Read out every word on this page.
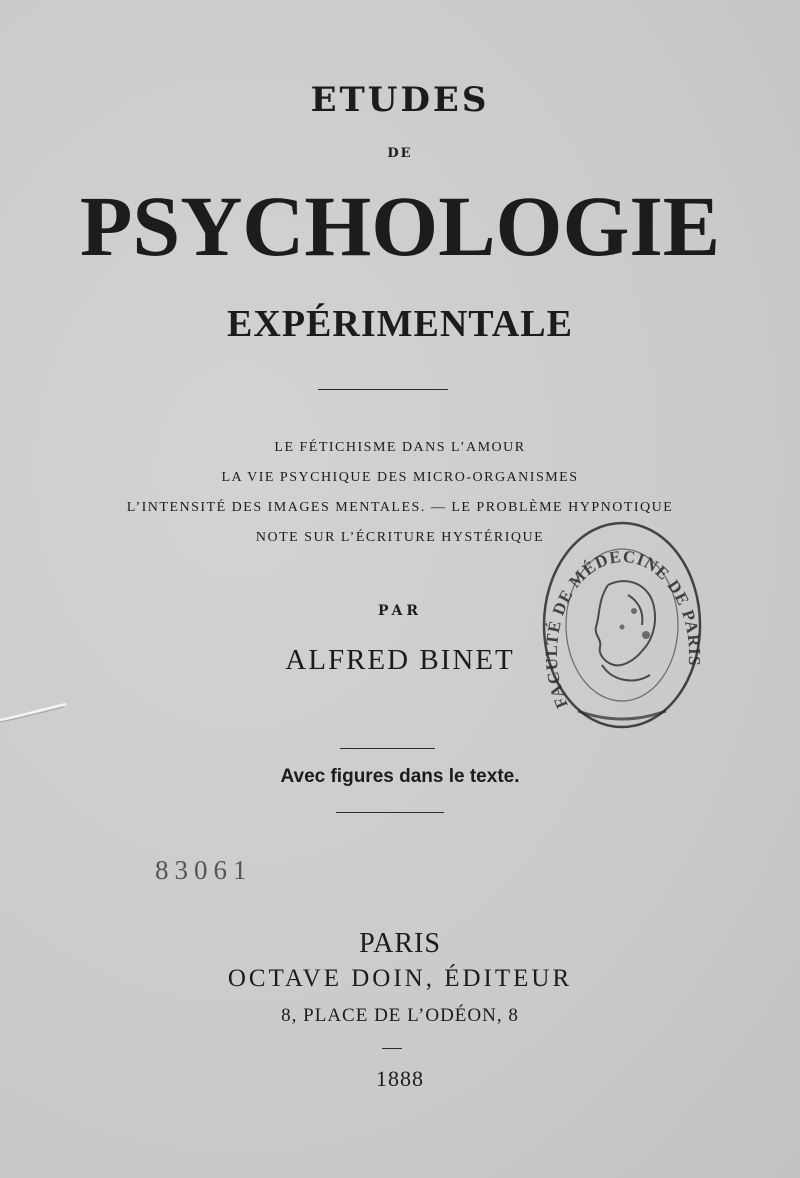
ETUDES
DE
PSYCHOLOGIE
EXPÉRIMENTALE
LE FÉTICHISME DANS L’AMOUR
LA VIE PSYCHIQUE DES MICRO-ORGANISMES
L’INTENSITÉ DES IMAGES MENTALES. — LE PROBLÈME HYPNOTIQUE
NOTE SUR L’ÉCRITURE HYSTÉRIQUE
PAR
ALFRED BINET
Avec figures dans le texte.
83061
PARIS
OCTAVE DOIN, ÉDITEUR
8, PLACE DE L’ODÉON, 8
1888
FACULTÉ DE MÉDECINE DE PARIS
